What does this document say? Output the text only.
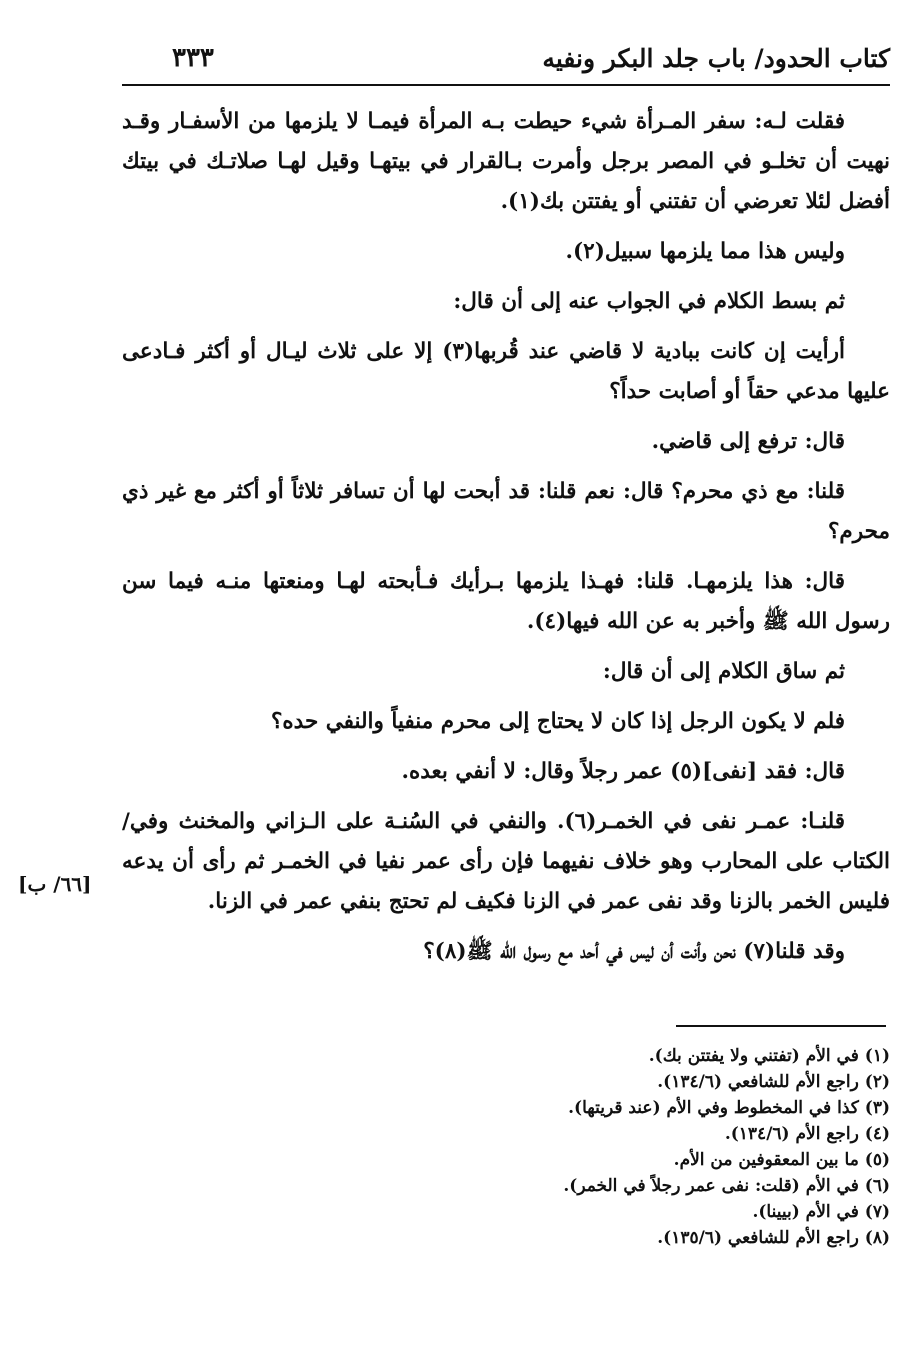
كتاب الحدود/ باب جلد البكر ونفيه
٣٣٣

فقلت لـه: سفر المـرأة شيء حيطت بـه المرأة فيمـا لا يلزمها من الأسفـار وقـد نهيت أن تخلـو في المصر برجل وأمرت بـالقرار في بيتهـا وقيل لهـا صلاتـك في بيتك أفضل لئلا تعرضي أن تفتني أو يفتتن بك(١).

وليس هذا مما يلزمها سبيل(٢).

ثم بسط الكلام في الجواب عنه إلى أن قال:

أرأيت إن كانت ببادية لا قاضي عند قُربها(٣) إلا على ثلاث ليـال أو أكثر فـادعى عليها مدعي حقاً أو أصابت حداً؟

قال: ترفع إلى قاضي.

قلنا: مع ذي محرم؟ قال: نعم قلنا: قد أبحت لها أن تسافر ثلاثاً أو أكثر مع غير ذي محرم؟

قال: هذا يلزمهـا. قلنا: فهـذا يلزمها بـرأيك فـأبحته لهـا ومنعتها منـه فيما سن رسول الله ﷺ وأخبر به عن الله فيها(٤).

ثم ساق الكلام إلى أن قال:

فلم لا يكون الرجل إذا كان لا يحتاج إلى محرم منفياً والنفي حده؟

قال: فقد [نفى](٥) عمر رجلاً وقال: لا أنفي بعده.

قلنـا: عمـر نفى في الخمـر(٦). والنفي في السُنـة على الـزاني والمخنث وفي/ الكتاب على المحارب وهو خلاف نفيهما فإن رأى عمر نفيا في الخمـر ثم رأى أن يدعه فليس الخمر بالزنا وقد نفى عمر في الزنا فكيف لم تحتج بنفي عمر في الزنا.

وقد قلنا(٧) نحن وأنت أن ليس في أحد مع رسول الله ﷺ(٨)؟

[٦٦/ ب]
(١) في الأم (تفتني ولا يفتتن بك).
(٢) راجع الأم للشافعي (١٣٤/٦).
(٣) كذا في المخطوط وفي الأم (عند قريتها).
(٤) راجع الأم (١٣٤/٦).
(٥) ما بين المعقوفين من الأم.
(٦) في الأم (قلت: نفى عمر رجلاً في الخمر).
(٧) في الأم (بيينا).
(٨) راجع الأم للشافعي (١٣٥/٦).
